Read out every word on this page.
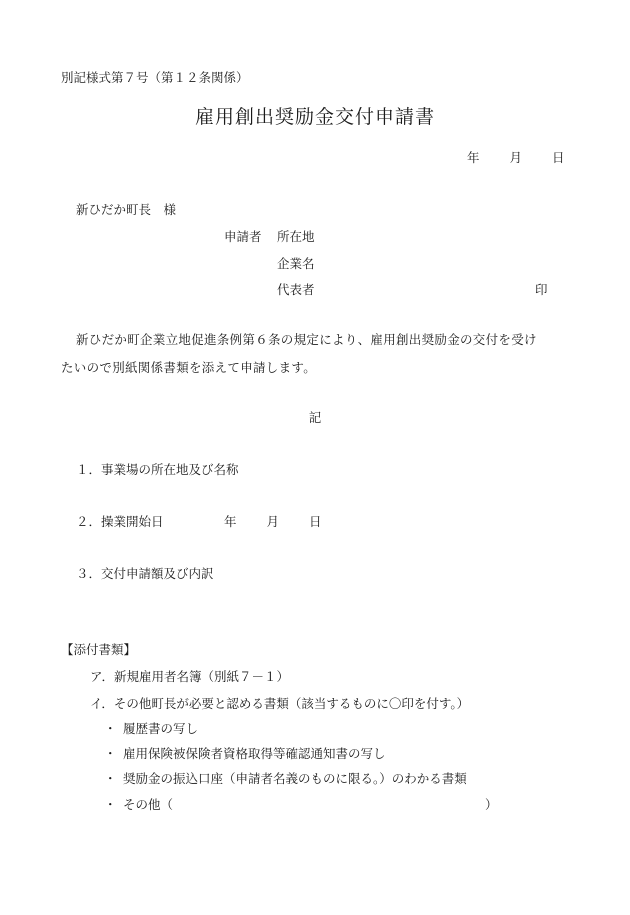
別記様式第７号（第１２条関係）
雇用創出奨励金交付申請書
年 月 日
新ひだか町長　様
申請者 所在地
企業名
代表者	印
新ひだか町企業立地促進条例第６条の規定により、雇用創出奨励金の交付を受け
たいので別紙関係書類を添えて申請します。
記
１．事業場の所在地及び名称
２．操業開始日	年 月 日
３．交付申請額及び内訳
【添付書類】
ア．新規雇用者名簿（別紙７－１）
イ．その他町長が必要と認める書類（該当するものに〇印を付す。）
・ 履歴書の写し
・ 雇用保険被保険者資格取得等確認通知書の写し
・ 奨励金の振込口座（申請者名義のものに限る。）のわかる書類
・ その他（	）
